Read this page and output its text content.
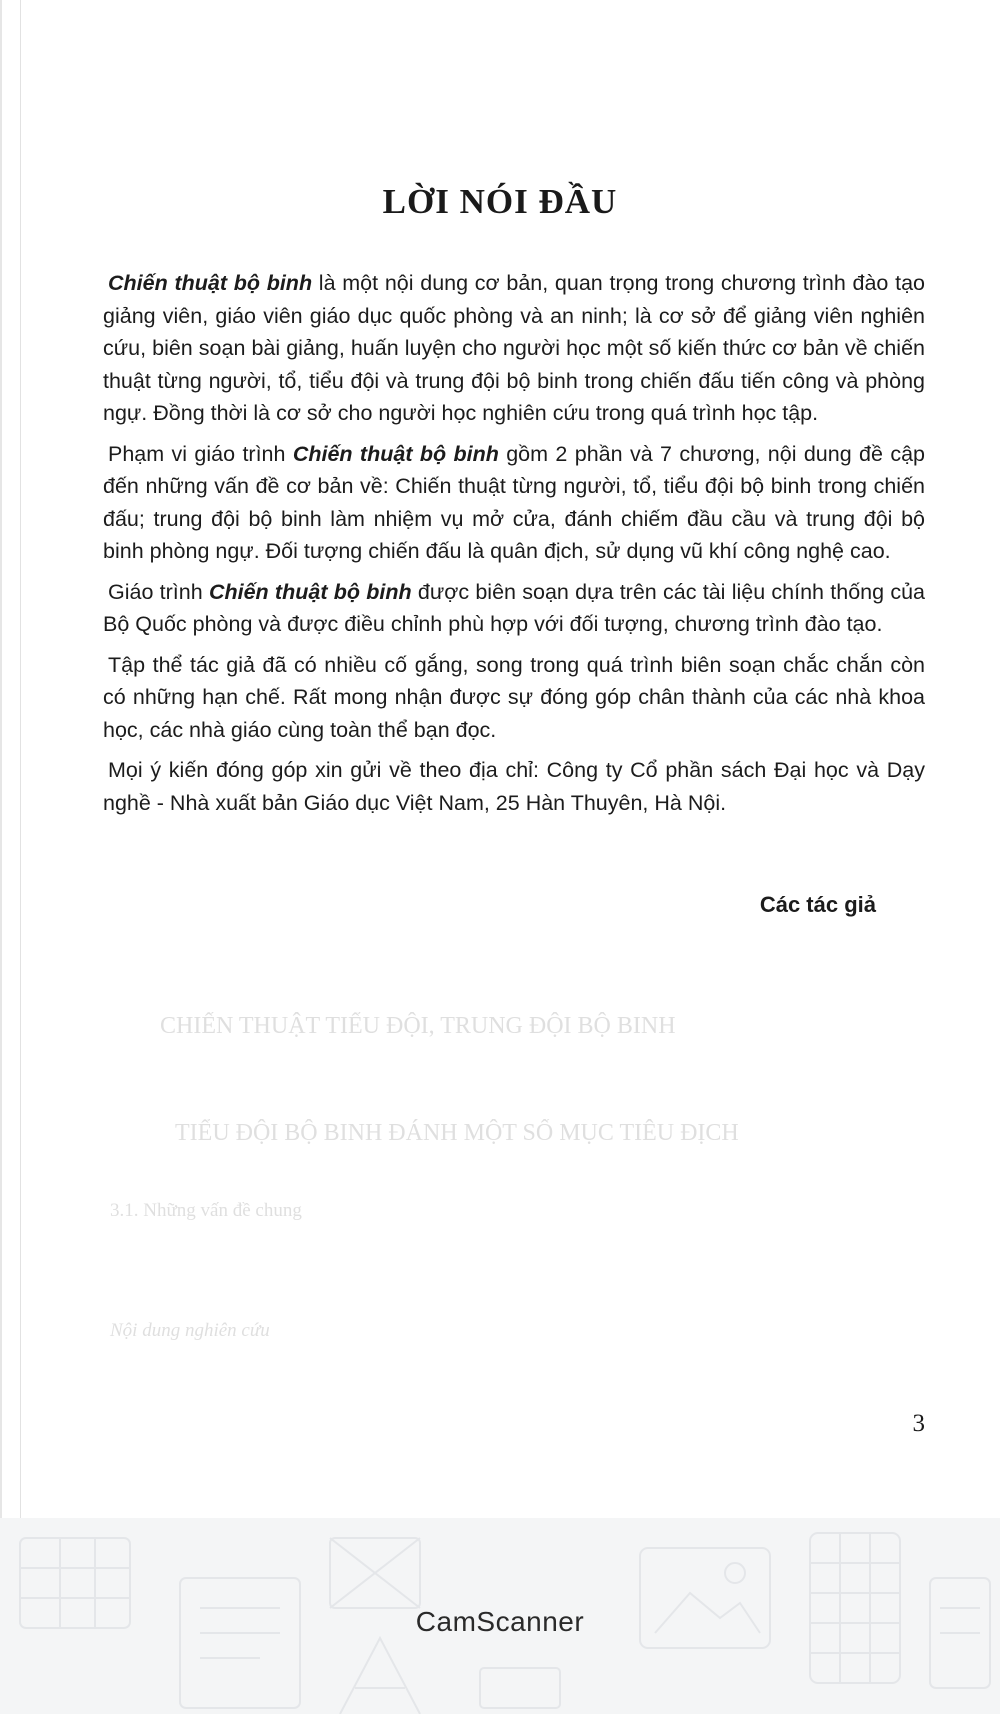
CHIẾN THUẬT TIỂU ĐỘI, TRUNG ĐỘI BỘ BINH
TIỂU ĐỘI BỘ BINH ĐÁNH MỘT SỐ MỤC TIÊU ĐỊCH
3.1. Những vấn đề chung
Nội dung nghiên cứu
LỜI NÓI ĐẦU

Chiến thuật bộ binh là một nội dung cơ bản, quan trọng trong chương trình đào tạo giảng viên, giáo viên giáo dục quốc phòng và an ninh; là cơ sở để giảng viên nghiên cứu, biên soạn bài giảng, huấn luyện cho người học một số kiến thức cơ bản về chiến thuật từng người, tổ, tiểu đội và trung đội bộ binh trong chiến đấu tiến công và phòng ngự. Đồng thời là cơ sở cho người học nghiên cứu trong quá trình học tập.

Phạm vi giáo trình Chiến thuật bộ binh gồm 2 phần và 7 chương, nội dung đề cập đến những vấn đề cơ bản về: Chiến thuật từng người, tổ, tiểu đội bộ binh trong chiến đấu; trung đội bộ binh làm nhiệm vụ mở cửa, đánh chiếm đầu cầu và trung đội bộ binh phòng ngự. Đối tượng chiến đấu là quân địch, sử dụng vũ khí công nghệ cao.

Giáo trình Chiến thuật bộ binh được biên soạn dựa trên các tài liệu chính thống của Bộ Quốc phòng và được điều chỉnh phù hợp với đối tượng, chương trình đào tạo.

Tập thể tác giả đã có nhiều cố gắng, song trong quá trình biên soạn chắc chắn còn có những hạn chế. Rất mong nhận được sự đóng góp chân thành của các nhà khoa học, các nhà giáo cùng toàn thể bạn đọc.

Mọi ý kiến đóng góp xin gửi về theo địa chỉ: Công ty Cổ phần sách Đại học và Dạy nghề - Nhà xuất bản Giáo dục Việt Nam, 25 Hàn Thuyên, Hà Nội.

Các tác giả
3
CamScanner
